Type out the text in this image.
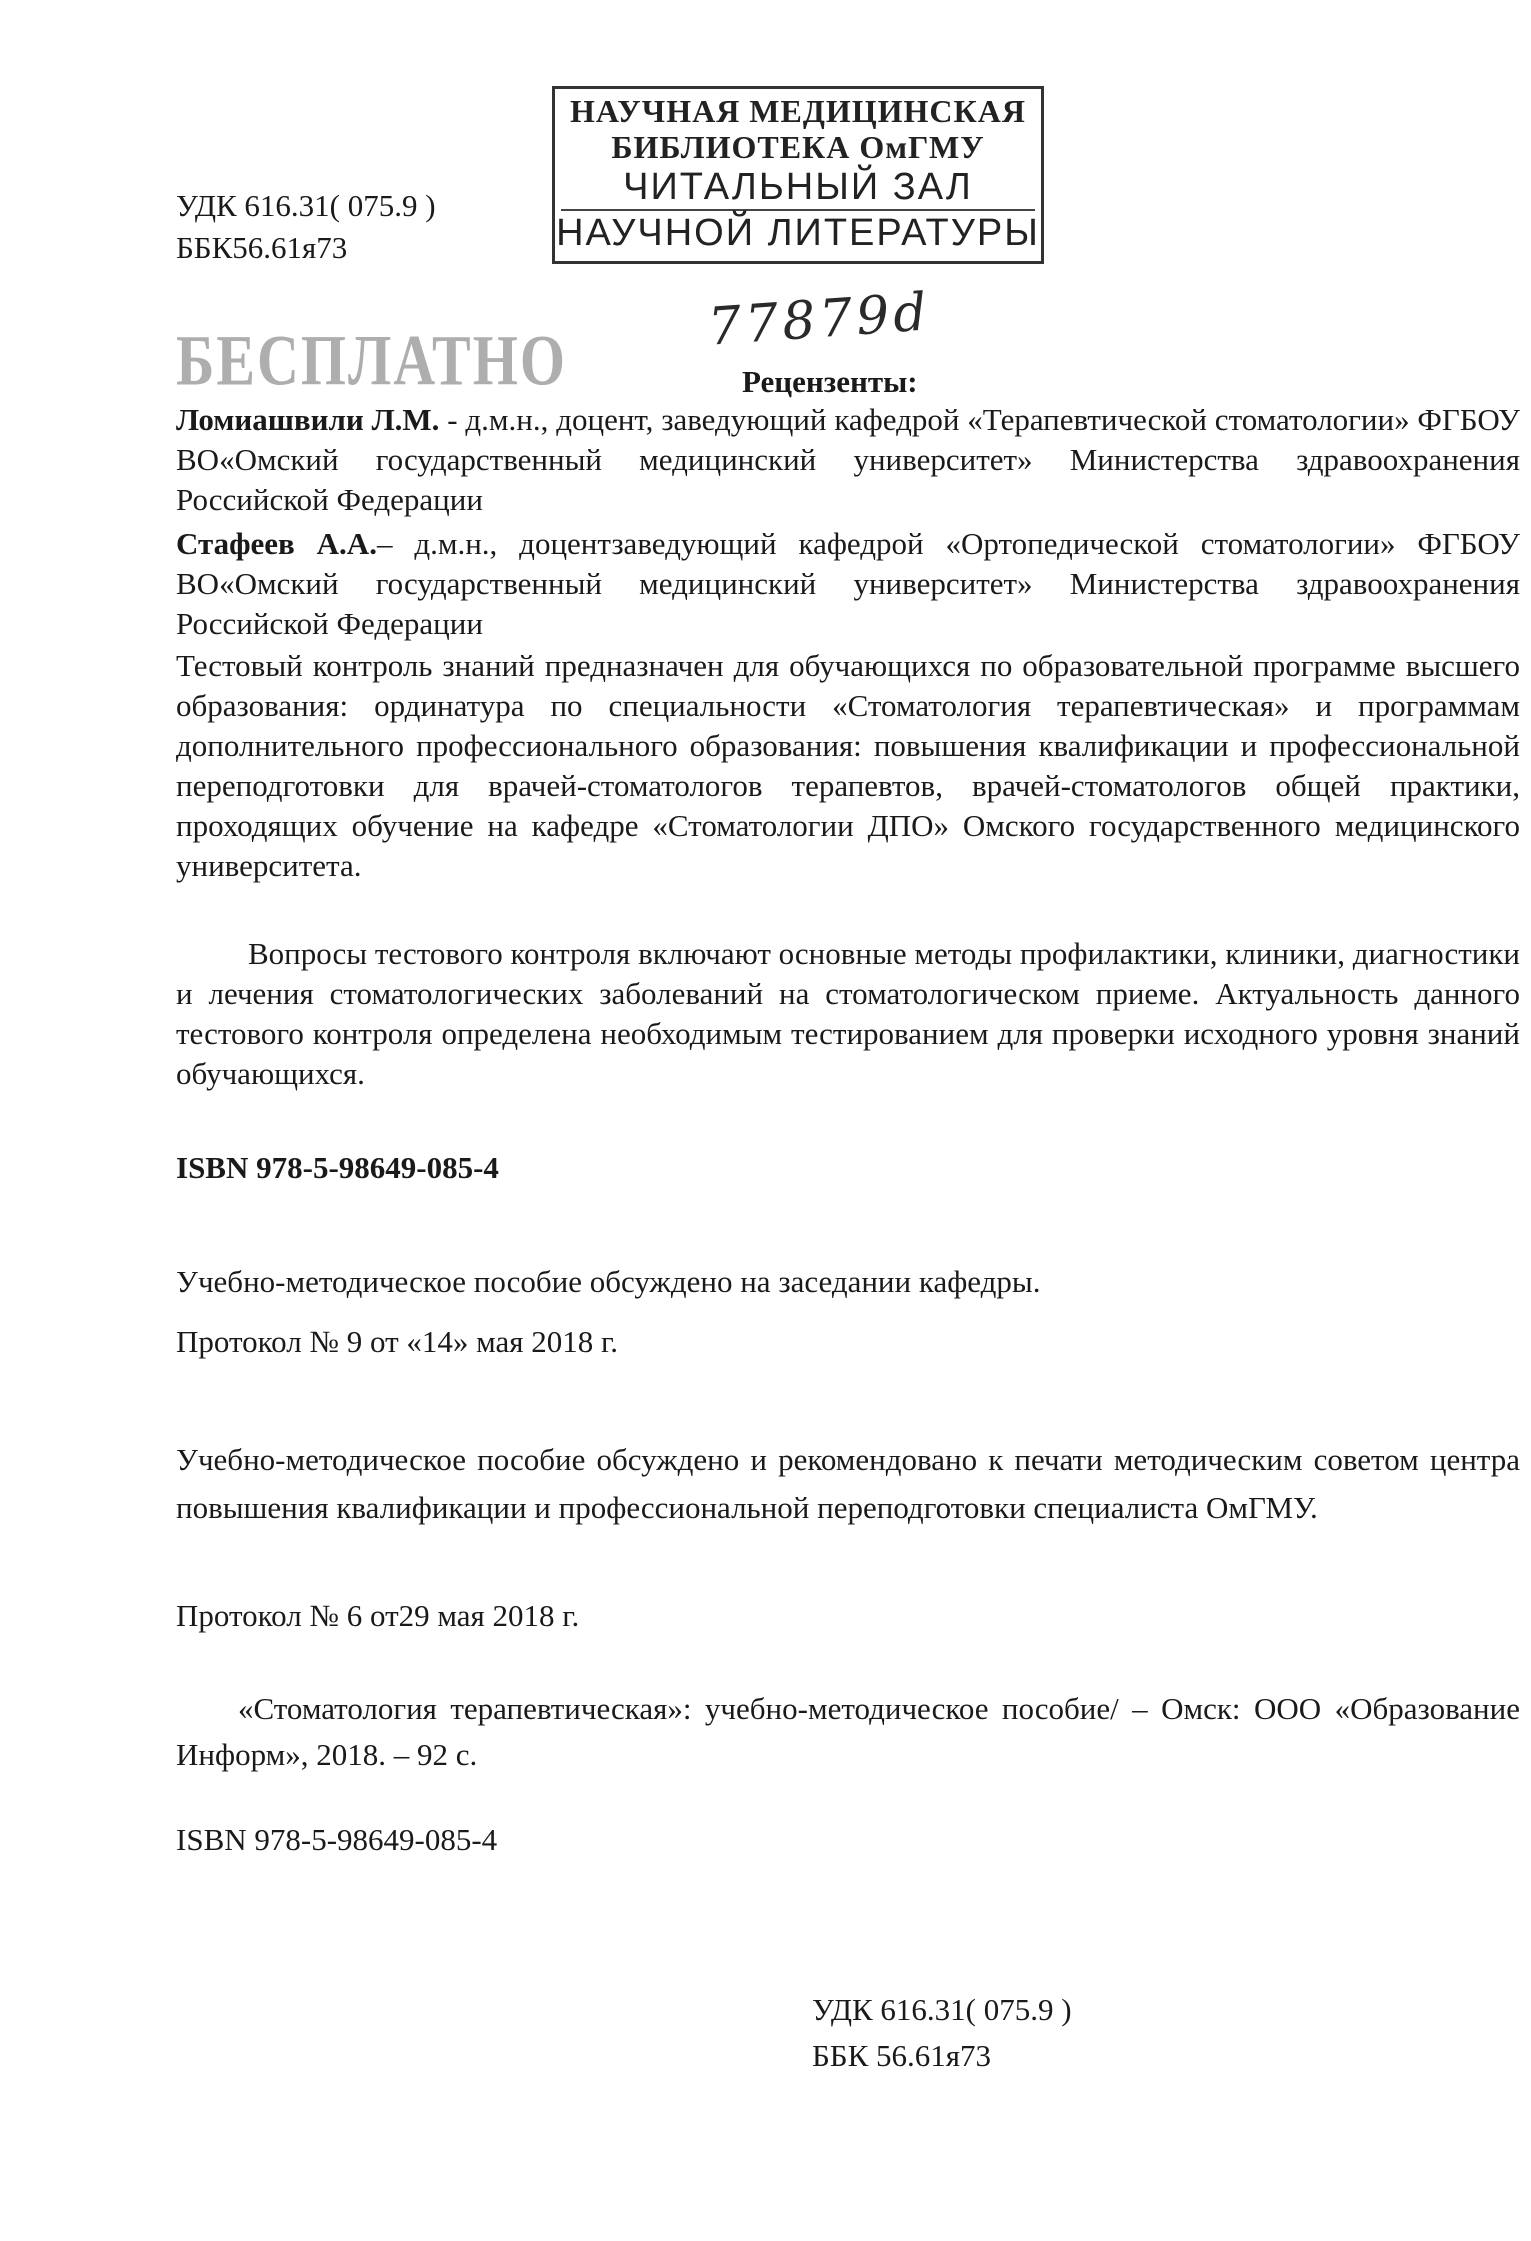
УДК 616.31( 075.9 )
ББК56.61я73
НАУЧНАЯ МЕДИЦИНСКАЯ
БИБЛИОТЕКА ОмГМУ
ЧИТАЛЬНЫЙ ЗАЛ
НАУЧНОЙ ЛИТЕРАТУРЫ
БЕСПЛАТНО	77879d
Рецензенты:
Ломиашвили Л.М. - д.м.н., доцент, заведующий кафедрой «Терапевтической стоматологии» ФГБОУ ВО«Омский государственный медицинский университет» Министерства здравоохранения Российской Федерации
Стафеев А.А.– д.м.н., доцентзаведующий кафедрой «Ортопедической стоматологии» ФГБОУ ВО«Омский государственный медицинский университет» Министерства здравоохранения Российской Федерации
Тестовый контроль знаний предназначен для обучающихся по образовательной программе высшего образования: ординатура по специальности «Стоматология терапевтическая» и программам дополнительного профессионального образования: повышения квалификации и профессиональной переподготовки для врачей-стоматологов терапевтов, врачей-стоматологов общей практики, проходящих обучение на кафедре «Стоматологии ДПО» Омского государственного медицинского университета.
Вопросы тестового контроля включают основные методы профилактики, клиники, диагностики и лечения стоматологических заболеваний на стоматологическом приеме. Актуальность данного тестового контроля определена необходимым тестированием для проверки исходного уровня знаний обучающихся.
ISBN 978-5-98649-085-4
Учебно-методическое пособие обсуждено на заседании кафедры.
Протокол № 9 от «14» мая 2018 г.
Учебно-методическое пособие обсуждено и рекомендовано к печати методическим советом центра повышения квалификации и профессиональной переподготовки специалиста ОмГМУ.
Протокол № 6 от29 мая 2018 г.
«Стоматология терапевтическая»: учебно-методическое пособие/ – Омск: ООО «Образование Информ», 2018. – 92 с.
ISBN 978-5-98649-085-4
УДК 616.31( 075.9 )
ББК 56.61я73
